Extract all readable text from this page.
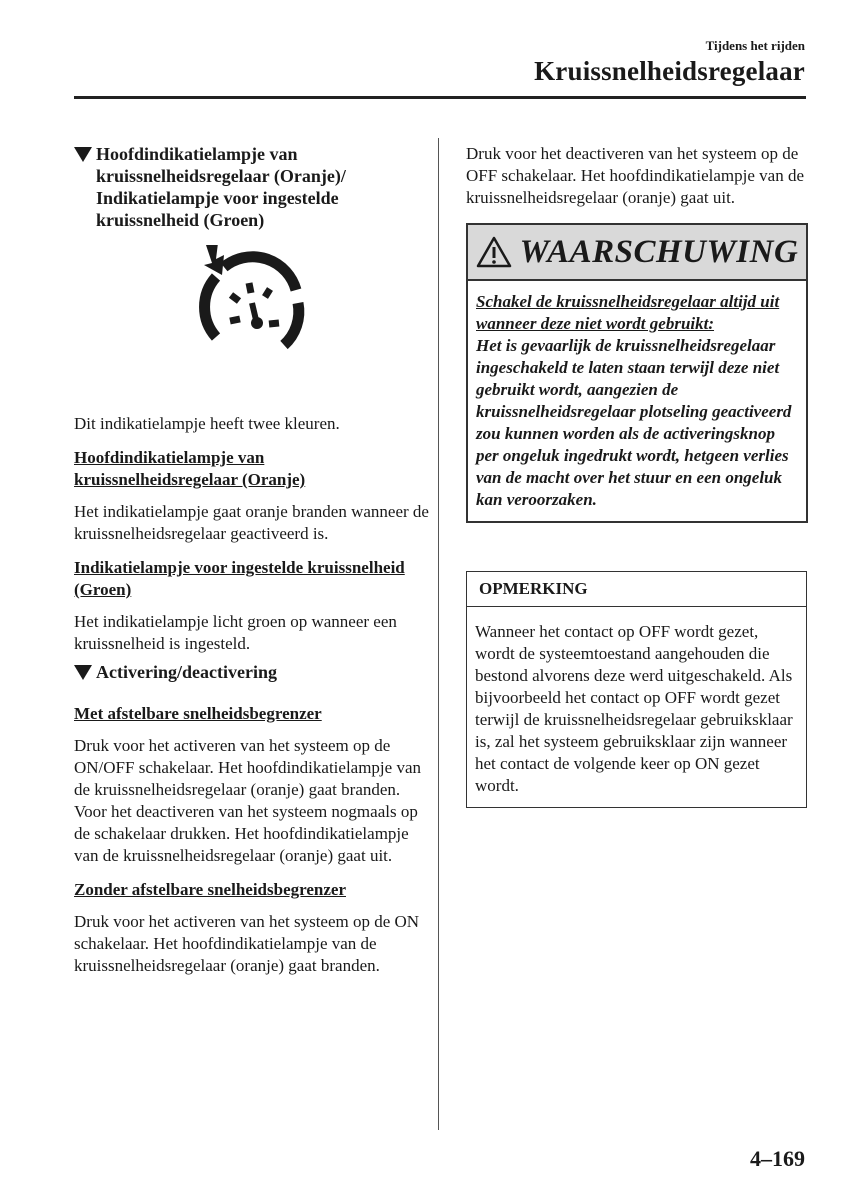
Tijdens het rijden
Kruissnelheidsregelaar
Hoofdindikatielampje van kruissnelheidsregelaar (Oranje)/ Indikatielampje voor ingestelde kruissnelheid (Groen)

Dit indikatielampje heeft twee kleuren.

Hoofdindikatielampje van kruissnelheidsregelaar (Oranje)

Het indikatielampje gaat oranje branden wanneer de kruissnelheidsregelaar geactiveerd is.

Indikatielampje voor ingestelde kruissnelheid (Groen)

Het indikatielampje licht groen op wanneer een kruissnelheid is ingesteld.

Activering/deactivering

Met afstelbare snelheidsbegrenzer

Druk voor het activeren van het systeem op de ON/OFF schakelaar. Het hoofdindikatielampje van de kruissnelheidsregelaar (oranje) gaat branden. Voor het deactiveren van het systeem nogmaals op de schakelaar drukken. Het hoofdindikatielampje van de kruissnelheidsregelaar (oranje) gaat uit.

Zonder afstelbare snelheidsbegrenzer

Druk voor het activeren van het systeem op de ON schakelaar. Het hoofdindikatielampje van de kruissnelheidsregelaar (oranje) gaat branden.

Druk voor het deactiveren van het systeem op de OFF schakelaar. Het hoofdindikatielampje van de kruissnelheidsregelaar (oranje) gaat uit.

WAARSCHUWING

Schakel de kruissnelheidsregelaar altijd uit wanneer deze niet wordt gebruikt:

Het is gevaarlijk de kruissnelheidsregelaar ingeschakeld te laten staan terwijl deze niet gebruikt wordt, aangezien de kruissnelheidsregelaar plotseling geactiveerd zou kunnen worden als de activeringsknop per ongeluk ingedrukt wordt, hetgeen verlies van de macht over het stuur en een ongeluk kan veroorzaken.

OPMERKING
Wanneer het contact op OFF wordt gezet, wordt de systeemtoestand aangehouden die bestond alvorens deze werd uitgeschakeld. Als bijvoorbeeld het contact op OFF wordt gezet terwijl de kruissnelheidsregelaar gebruiksklaar is, zal het systeem gebruiksklaar zijn wanneer het contact de volgende keer op ON gezet wordt.
4–169
